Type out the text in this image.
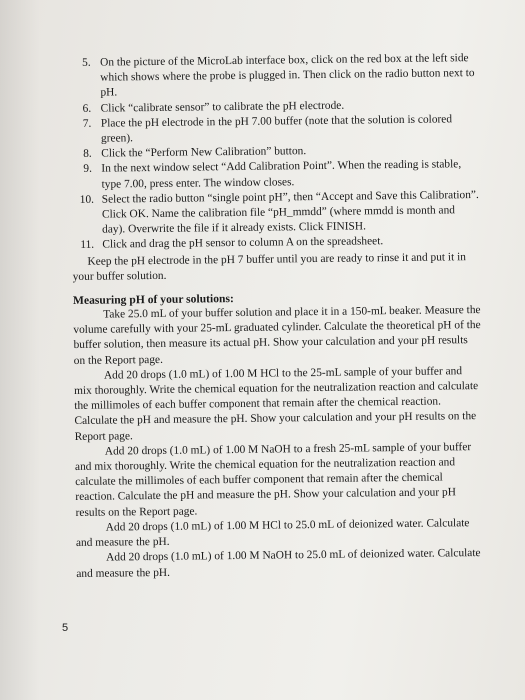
5. On the picture of the MicroLab interface box, click on the red box at the left side which shows where the probe is plugged in. Then click on the radio button next to pH.
6. Click “calibrate sensor” to calibrate the pH electrode.
7. Place the pH electrode in the pH 7.00 buffer (note that the solution is colored green).
8. Click the “Perform New Calibration” button.
9. In the next window select “Add Calibration Point”. When the reading is stable, type 7.00, press enter. The window closes.
10. Select the radio button “single point pH”, then “Accept and Save this Calibration”. Click OK. Name the calibration file “pH_mmdd” (where mmdd is month and day). Overwrite the file if it already exists. Click FINISH.
11. Click and drag the pH sensor to column A on the spreadsheet.

Keep the pH electrode in the pH 7 buffer until you are ready to rinse it and put it in your buffer solution.

Measuring pH of your solutions:

Take 25.0 mL of your buffer solution and place it in a 150-mL beaker. Measure the volume carefully with your 25-mL graduated cylinder. Calculate the theoretical pH of the buffer solution, then measure its actual pH. Show your calculation and your pH results on the Report page.

Add 20 drops (1.0 mL) of 1.00 M HCl to the 25-mL sample of your buffer and mix thoroughly. Write the chemical equation for the neutralization reaction and calculate the millimoles of each buffer component that remain after the chemical reaction. Calculate the pH and measure the pH. Show your calculation and your pH results on the Report page.

Add 20 drops (1.0 mL) of 1.00 M NaOH to a fresh 25-mL sample of your buffer and mix thoroughly. Write the chemical equation for the neutralization reaction and calculate the millimoles of each buffer component that remain after the chemical reaction. Calculate the pH and measure the pH. Show your calculation and your pH results on the Report page.

Add 20 drops (1.0 mL) of 1.00 M HCl to 25.0 mL of deionized water. Calculate and measure the pH.

Add 20 drops (1.0 mL) of 1.00 M NaOH to 25.0 mL of deionized water. Calculate and measure the pH.

5
